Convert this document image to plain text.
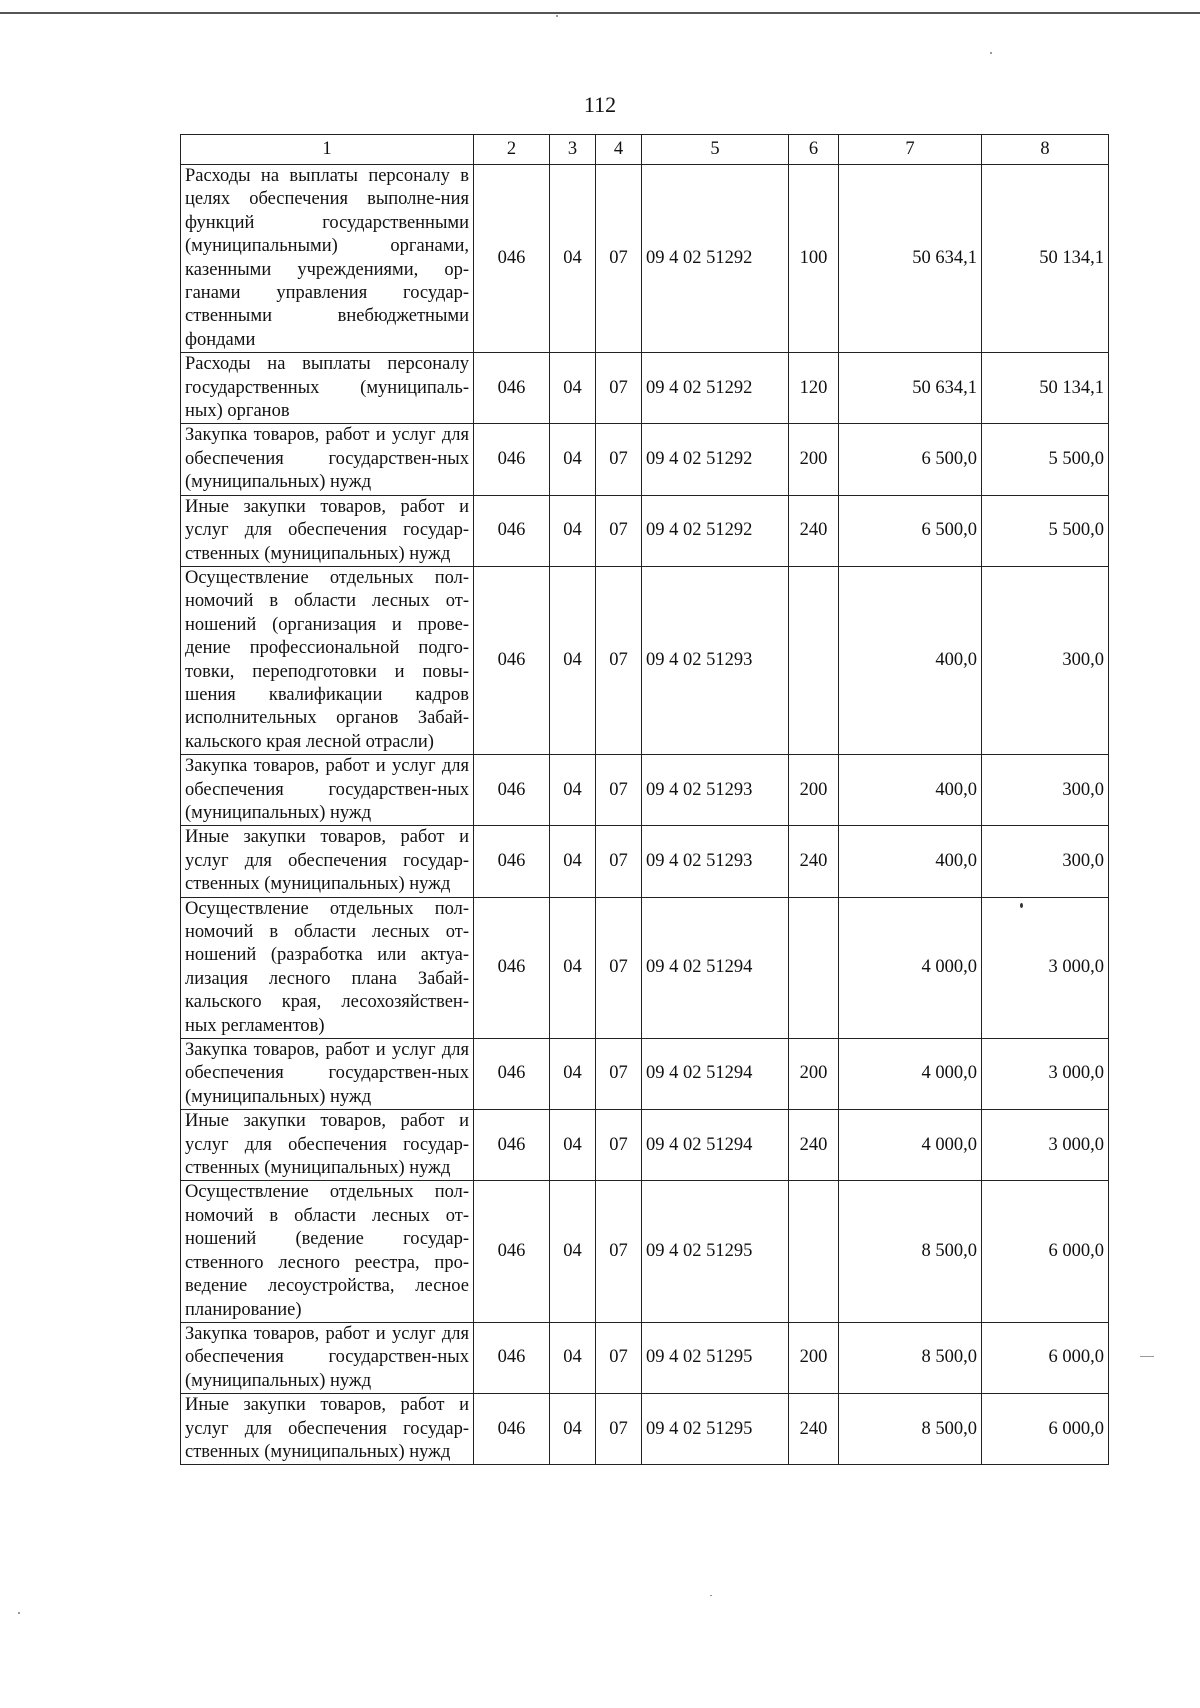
112
1	2	3	4	5	6	7	8
Расходы на выплаты персоналу в целях обеспечения выполне-ния функций государственными (муниципальными) органами, казенными учреждениями, ор-ганами управления государ-ственными внебюджетными фондами	046	04	07	09 4 02 51292	100	50 634,1	50 134,1
Расходы на выплаты персоналу государственных (муниципаль-ных) органов	046	04	07	09 4 02 51292	120	50 634,1	50 134,1
Закупка товаров, работ и услуг для обеспечения государствен-ных (муниципальных) нужд	046	04	07	09 4 02 51292	200	6 500,0	5 500,0
Иные закупки товаров, работ и услуг для обеспечения государ-ственных (муниципальных) нужд	046	04	07	09 4 02 51292	240	6 500,0	5 500,0
Осуществление отдельных пол-номочий в области лесных от-ношений (организация и прове-дение профессиональной подго-товки, переподготовки и повы-шения квалификации кадров исполнительных органов Забай-кальского края лесной отрасли)	046	04	07	09 4 02 51293		400,0	300,0
Закупка товаров, работ и услуг для обеспечения государствен-ных (муниципальных) нужд	046	04	07	09 4 02 51293	200	400,0	300,0
Иные закупки товаров, работ и услуг для обеспечения государ-ственных (муниципальных) нужд	046	04	07	09 4 02 51293	240	400,0	300,0
Осуществление отдельных пол-номочий в области лесных от-ношений (разработка или актуа-лизация лесного плана Забай-кальского края, лесохозяйствен-ных регламентов)	046	04	07	09 4 02 51294		4 000,0	3 000,0
Закупка товаров, работ и услуг для обеспечения государствен-ных (муниципальных) нужд	046	04	07	09 4 02 51294	200	4 000,0	3 000,0
Иные закупки товаров, работ и услуг для обеспечения государ-ственных (муниципальных) нужд	046	04	07	09 4 02 51294	240	4 000,0	3 000,0
Осуществление отдельных пол-номочий в области лесных от-ношений (ведение государ-ственного лесного реестра, про-ведение лесоустройства, лесное планирование)	046	04	07	09 4 02 51295		8 500,0	6 000,0
Закупка товаров, работ и услуг для обеспечения государствен-ных (муниципальных) нужд	046	04	07	09 4 02 51295	200	8 500,0	6 000,0
Иные закупки товаров, работ и услуг для обеспечения государ-ственных (муниципальных) нужд	046	04	07	09 4 02 51295	240	8 500,0	6 000,0
